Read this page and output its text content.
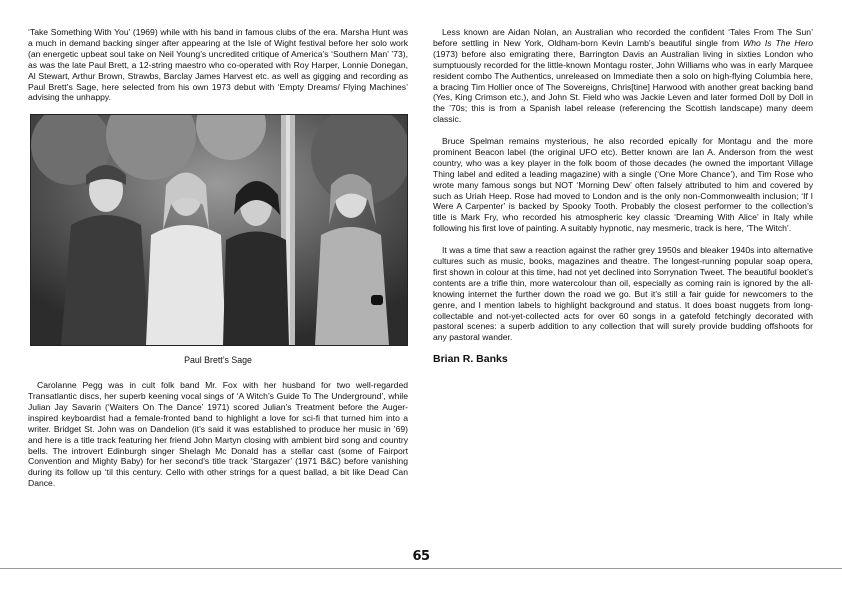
‘Take Something With You’ (1969) while with his band in famous clubs of the era. Marsha Hunt was a much in demand backing singer after appearing at the Isle of Wight festival before her solo work (an energetic upbeat soul take on Neil Young’s uncredited critique of America’s ‘Southern Man’ ’73), as was the late Paul Brett, a 12-string maestro who co-operated with Roy Harper, Lonnie Donegan, Al Stewart, Arthur Brown, Strawbs, Barclay James Harvest etc. as well as gigging and recording as Paul Brett’s Sage, here selected from his own 1973 debut with ‘Empty Dreams/ Flying Machines’ advising the unhappy.

Paul Brett’s Sage

Carolanne Pegg was in cult folk band Mr. Fox with her husband for two well-regarded Transatlantic discs, her superb keening vocal sings of ‘A Witch’s Guide To The Underground’, while Julian Jay Savarin (‘Waiters On The Dance’ 1971) scored Julian’s Treatment before the Auger-inspired keyboardist had a female-fronted band to highlight a love for sci-fi that turned him into a writer. Bridget St. John was on Dandelion (it’s said it was established to produce her music in ’69) and here is a title track featuring her friend John Martyn closing with ambient bird song and country bells. The introvert Edinburgh singer Shelagh Mc Donald has a stellar cast (some of Fairport Convention and Mighty Baby) for her second’s title track ‘Stargazer’ (1971 B&C) before vanishing during its follow up ‘til this century. Cello with other strings for a quest ballad, a bit like Dead Can Dance.

Less known are Aidan Nolan, an Australian who recorded the confident ‘Tales From The Sun’ before settling in New York, Oldham-born Kevin Lamb’s beautiful single from Who Is The Hero (1973) before also emigrating there, Barrington Davis an Australian living in sixties London who sumptuously recorded for the little-known Montagu roster, John Williams who was in early Marquee resident combo The Authentics, unreleased on Immediate then a solo on high-flying Columbia here, a bracing Tim Hollier once of The Sovereigns, Chris[tine] Harwood with another great backing band (Yes, King Crimson etc.), and John St. Field who was Jackie Leven and later formed Doll by Doll in the ’70s; this is from a Spanish label release (referencing the Scottish landscape) many deem classic.

Bruce Spelman remains mysterious, he also recorded epically for Montagu and the more prominent Beacon label (the original UFO etc). Better known are Ian A. Anderson from the west country, who was a key player in the folk boom of those decades (he owned the important Village Thing label and edited a leading magazine) with a single (‘One More Chance’), and Tim Rose who wrote many famous songs but NOT ‘Morning Dew’ often falsely attributed to him and covered by such as Uriah Heep. Rose had moved to London and is the only non-Commonwealth inclusion; ‘If I Were A Carpenter’ is backed by Spooky Tooth. Probably the closest performer to the collection’s title is Mark Fry, who recorded his atmospheric key classic ‘Dreaming With Alice’ in Italy while following his first love of painting. A suitably hypnotic, nay mesmeric, track is here, ‘The Witch’.

It was a time that saw a reaction against the rather grey 1950s and bleaker 1940s into alternative cultures such as music, books, magazines and theatre. The longest-running popular soap opera, first shown in colour at this time, had not yet declined into Sorrynation Tweet. The beautiful booklet’s contents are a trifle thin, more watercolour than oil, especially as coming rain is ignored by the all-knowing internet the further down the road we go. But it’s still a fair guide for newcomers to the genre, and I mention labels to highlight background and status. It does boast nuggets from long-collectable and not-yet-collected acts for over 60 songs in a gatefold fetchingly decorated with pastoral scenes: a superb addition to any collection that will surely provide budding offshoots for any pastoral wander.

Brian R. Banks

65
